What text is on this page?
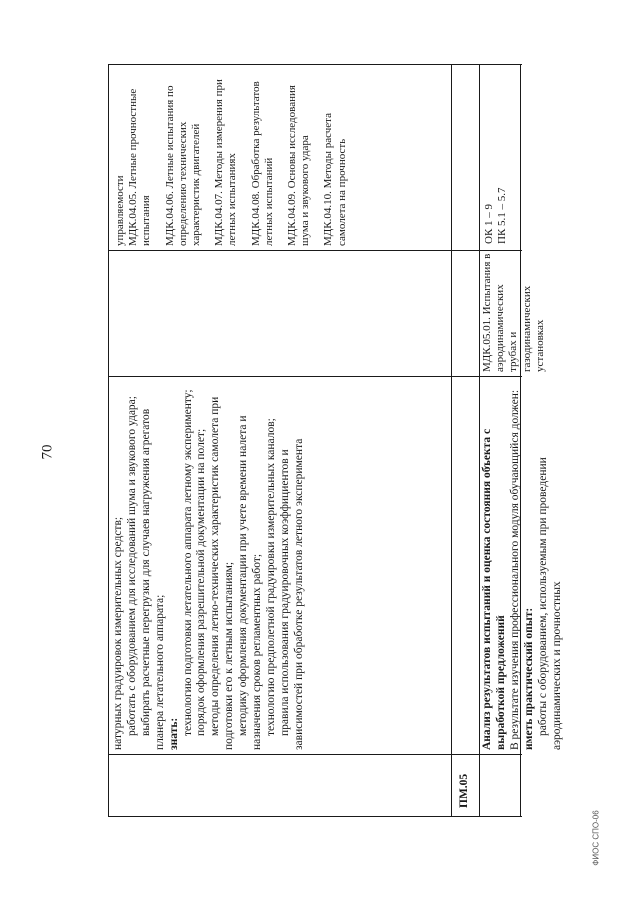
70
ФИОС СПО-06
ПМ.05

натурных градуировок измерительных средств; работать с оборудованием для исследований шума и звукового удара; выбирать расчетные перегрузки для случаев нагружения агрегатов планера летательного аппарата; знать: технологию подготовки летательного аппарата летному эксперименту; порядок оформления разрешительной документации на полет; методы определения летно-технических характеристик самолета при подготовки его к летным испытаниям; методику оформления документации при учете времени налета и назначения сроков регламентных работ; технологию предполетной градуировки измерительных каналов; правила использования градуировочных коэффициентов и зависимостей при обработке результатов летного эксперимента	Анализ результатов испытаний и оценка состояния объекта с выработкой предложений В результате изучения профессионального модуля обучающийся должен: иметь практический опыт: работы с оборудованием, используемым при проведении аэродинамических и прочностных

управляемости МДК.04.05. Летные прочностные испытания МДК.04.06. Летные испытания по определению технических характеристик двигателей МДК.04.07. Методы измерения при летных испытаниях МДК.04.08. Обработка результатов летных испытаний МДК.04.09. Основы исследования шума и звукового удара МДК.04.10. Методы расчета самолета на прочность

МДК.05.01. Испытания в аэродинамических трубах и газодинамических установках

ОК 1 – 9 ПК 5.1 – 5.7
